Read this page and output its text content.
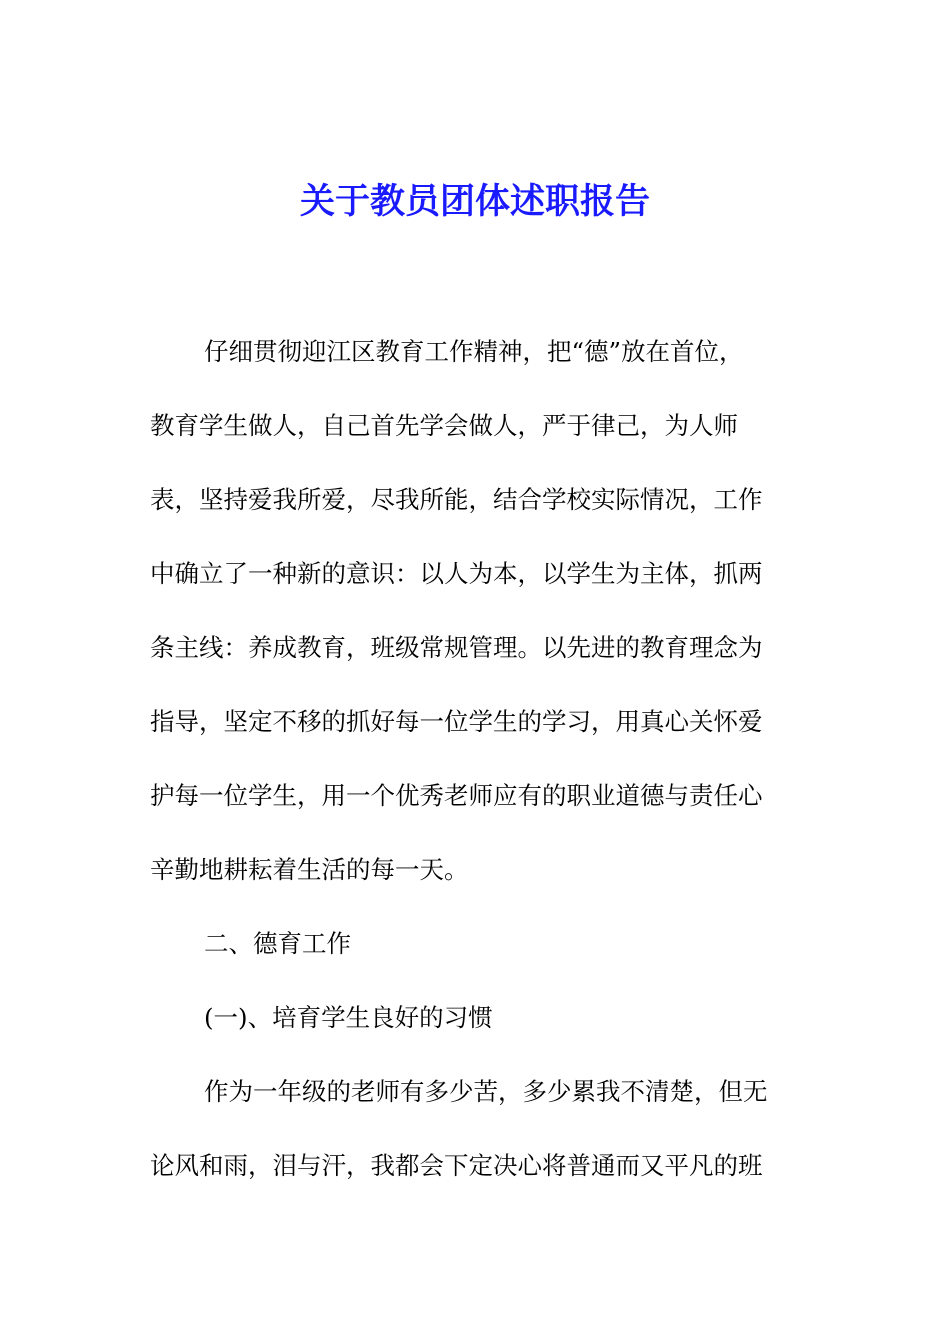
关于教员团体述职报告
仔细贯彻迎江区教育工作精神，把“德”放在首位，
教育学生做人，自己首先学会做人，严于律己，为人师
表，坚持爱我所爱，尽我所能，结合学校实际情况，工作
中确立了一种新的意识：以人为本，以学生为主体，抓两
条主线：养成教育，班级常规管理。以先进的教育理念为
指导，坚定不移的抓好每一位学生的学习，用真心关怀爱
护每一位学生，用一个优秀老师应有的职业道德与责任心
辛勤地耕耘着生活的每一天。
二、德育工作
(一)、培育学生良好的习惯
作为一年级的老师有多少苦，多少累我不清楚，但无
论风和雨，泪与汗，我都会下定决心将普通而又平凡的班
